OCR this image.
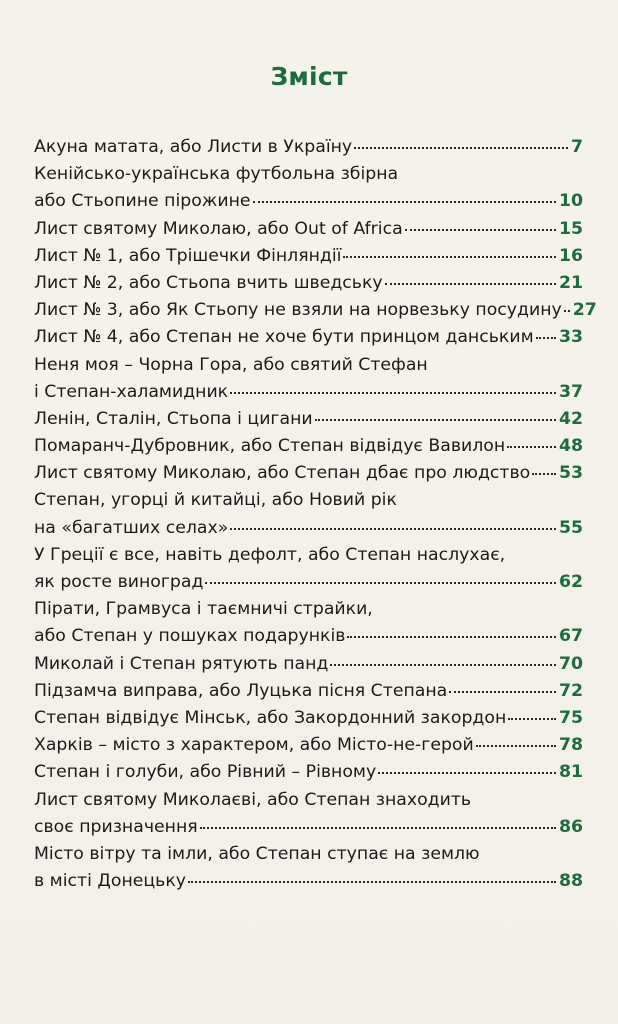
Зміст
Акуна матата, або Листи в Україну	7
Кенійсько-українська футбольна збірна
або Стьопине пірожине	10
Лист святому Миколаю, або Out of Africa	15
Лист № 1, або Трішечки Фінляндії	16
Лист № 2, або Стьопа вчить шведську	21
Лист № 3, або Як Стьопу не взяли на норвезьку посудину 27
Лист № 4, або Степан не хоче бути принцом данським 33
Неня моя – Чорна Гора, або святий Стефан
і Степан-халамидник	37
Ленін, Сталін, Стьопа і цигани	42
Помаранч-Дубровник, або Степан відвідує Вавилон	48
Лист святому Миколаю, або Степан дбає про людство 53
Степан, угорці й китайці, або Новий рік
на «багатших селах»	55
У Греції є все, навіть дефолт, або Степан наслухає,
як росте виноград	62
Пірати, Грамвуса і таємничі страйки,
або Степан у пошуках подарунків	67
Миколай і Степан рятують панд	70
Підзамча виправа, або Луцька пісня Степана	72
Степан відвідує Мінськ, або Закордонний закордон	75
Харків – місто з характером, або Місто-не-герой	78
Степан і голуби, або Рівний – Рівному	81
Лист святому Миколаєві, або Степан знаходить
своє призначення	86
Місто вітру та імли, або Степан ступає на землю
в місті Донецьку	88
